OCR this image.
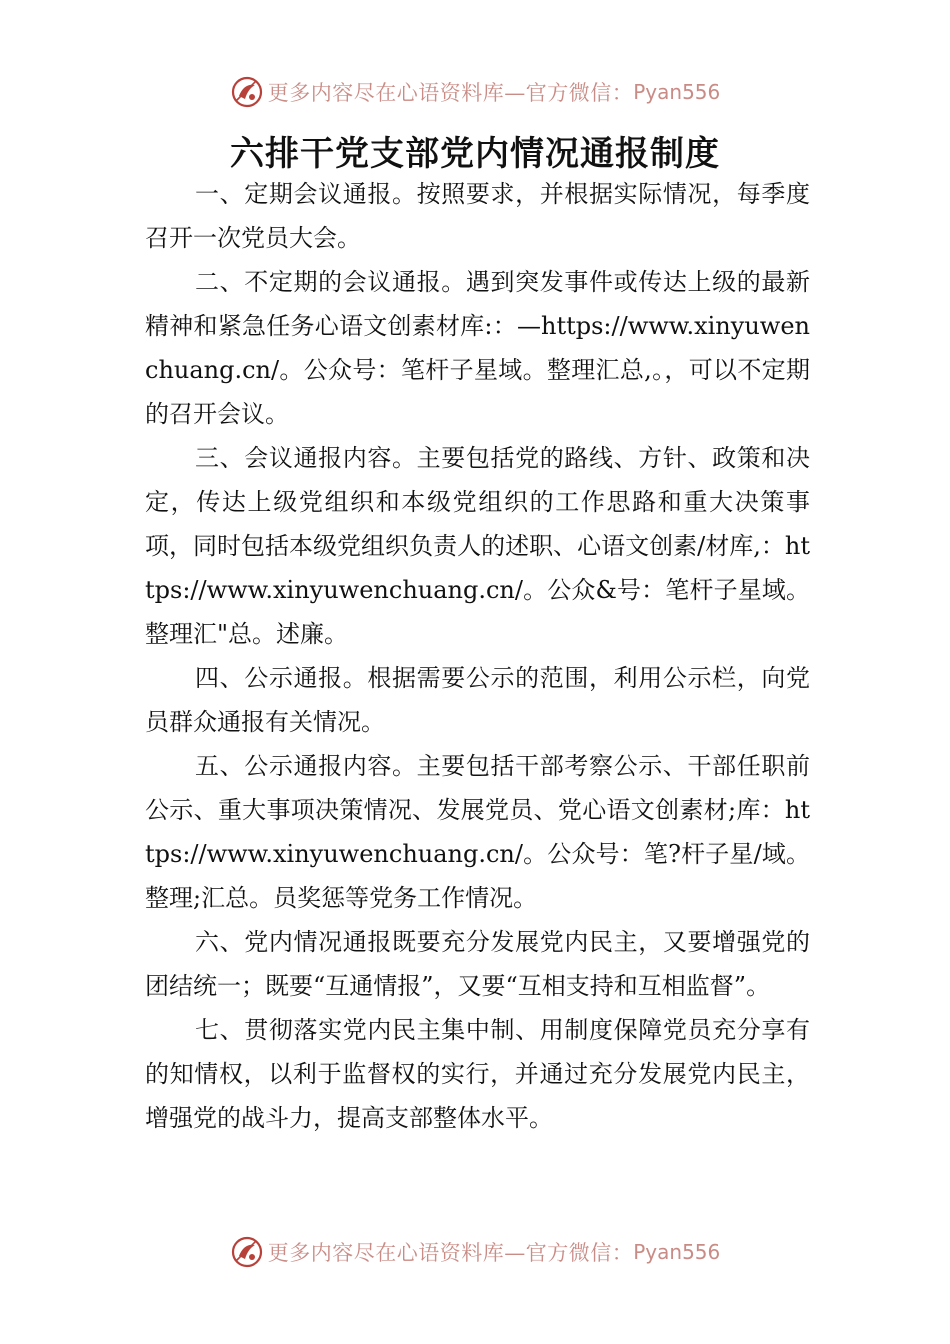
更多内容尽在心语资料库—官方微信： Pyan556
六排干党支部党内情况通报制度

一、定期会议通报。按照要求，并根据实际情况，每季度召开一次党员大会。

二、不定期的会议通报。遇到突发事件或传达上级的最新精神和紧急任务心语文创素材库:：—https://www.xinyuwenchuang.cn/。公众号：笔杆子星域。整理汇总,。，可以不定期的召开会议。

三、会议通报内容。主要包括党的路线、方针、政策和决定，传达上级党组织和本级党组织的工作思路和重大决策事项，同时包括本级党组织负责人的述职、心语文创素/材库,：https://www.xinyuwenchuang.cn/。公众&号：笔杆子星域。整理汇"总。述廉。

四、公示通报。根据需要公示的范围，利用公示栏，向党员群众通报有关情况。

五、公示通报内容。主要包括干部考察公示、干部任职前公示、重大事项决策情况、发展党员、党心语文创素材;库：https://www.xinyuwenchuang.cn/。公众号：笔?杆子星/域。整理;汇总。员奖惩等党务工作情况。

六、党内情况通报既要充分发展党内民主，又要增强党的团结统一；既要“互通情报”，又要“互相支持和互相监督”。

七、贯彻落实党内民主集中制、用制度保障党员充分享有的知情权，以利于监督权的实行，并通过充分发展党内民主，增强党的战斗力，提高支部整体水平。

更多内容尽在心语资料库—官方微信： Pyan556
